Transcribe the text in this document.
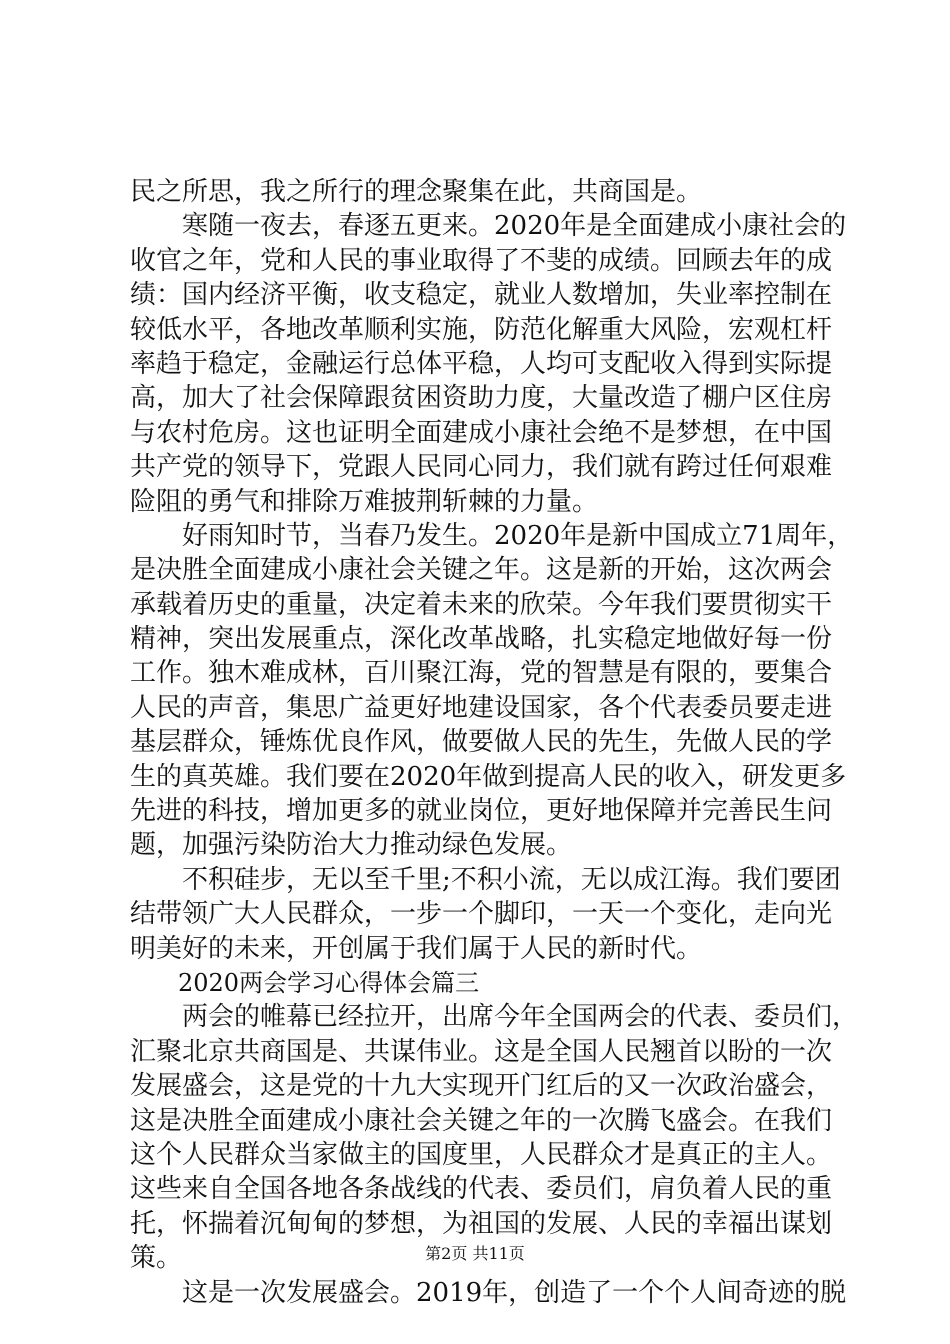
民之所思，我之所行的理念聚集在此，共商国是。
寒随一夜去，春逐五更来。2020年是全面建成小康社会的
收官之年，党和人民的事业取得了不斐的成绩。回顾去年的成
绩：国内经济平衡，收支稳定，就业人数增加，失业率控制在
较低水平，各地改革顺利实施，防范化解重大风险，宏观杠杆
率趋于稳定，金融运行总体平稳，人均可支配收入得到实际提
高，加大了社会保障跟贫困资助力度，大量改造了棚户区住房
与农村危房。这也证明全面建成小康社会绝不是梦想，在中国
共产党的领导下，党跟人民同心同力，我们就有跨过任何艰难
险阻的勇气和排除万难披荆斩棘的力量。
好雨知时节，当春乃发生。2020年是新中国成立71周年，
是决胜全面建成小康社会关键之年。这是新的开始，这次两会
承载着历史的重量，决定着未来的欣荣。今年我们要贯彻实干
精神，突出发展重点，深化改革战略，扎实稳定地做好每一份
工作。独木难成林，百川聚江海，党的智慧是有限的，要集合
人民的声音，集思广益更好地建设国家，各个代表委员要走进
基层群众，锤炼优良作风，做要做人民的先生，先做人民的学
生的真英雄。我们要在2020年做到提高人民的收入，研发更多
先进的科技，增加更多的就业岗位，更好地保障并完善民生问
题，加强污染防治大力推动绿色发展。
不积硅步，无以至千里;不积小流，无以成江海。我们要团
结带领广大人民群众，一步一个脚印，一天一个变化，走向光
明美好的未来，开创属于我们属于人民的新时代。
2020两会学习心得体会篇三
两会的帷幕已经拉开，出席今年全国两会的代表、委员们，
汇聚北京共商国是、共谋伟业。这是全国人民翘首以盼的一次
发展盛会，这是党的十九大实现开门红后的又一次政治盛会，
这是决胜全面建成小康社会关键之年的一次腾飞盛会。在我们
这个人民群众当家做主的国度里，人民群众才是真正的主人。
这些来自全国各地各条战线的代表、委员们，肩负着人民的重
托，怀揣着沉甸甸的梦想，为祖国的发展、人民的幸福出谋划
策。
这是一次发展盛会。2019年，创造了一个个人间奇迹的脱
第2页 共11页
